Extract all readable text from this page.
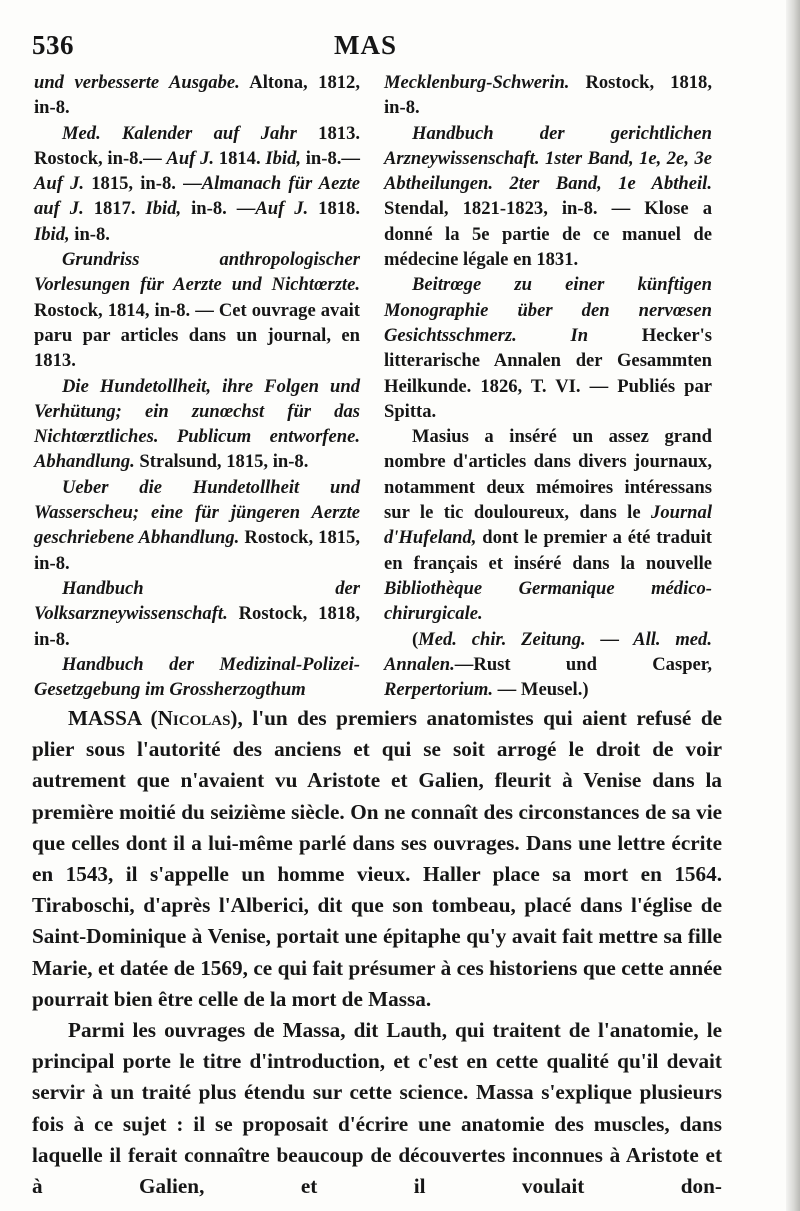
536	MAS

und verbesserte Ausgabe. Altona, 1812, in-8.

Med. Kalender auf Jahr 1813. Rostock, in-8.— Auf J. 1814. Ibid, in-8.— Auf J. 1815, in-8. —Almanach für Aezte auf J. 1817. Ibid, in-8. —Auf J. 1818. Ibid, in-8.

Grundriss anthropologischer Vorlesungen für Aerzte und Nichtœrzte. Rostock, 1814, in-8. — Cet ouvrage avait paru par articles dans un journal, en 1813.

Die Hundetollheit, ihre Folgen und Verhütung; ein zunœchst für das Nichtœrztliches. Publicum entworfene. Abhandlung. Stralsund, 1815, in-8.

Ueber die Hundetollheit und Wasserscheu; eine für jüngeren Aerzte geschriebene Abhandlung. Rostock, 1815, in-8.

Handbuch der Volksarzneywissenschaft. Rostock, 1818, in-8.

Handbuch der Medizinal-Polizei-Gesetzgebung im Grossherzogthum

Mecklenburg-Schwerin. Rostock, 1818, in-8.

Handbuch der gerichtlichen Arzneywissenschaft. 1ster Band, 1e, 2e, 3e Abtheilungen. 2ter Band, 1e Abtheil. Stendal, 1821-1823, in-8. — Klose a donné la 5e partie de ce manuel de médecine légale en 1831.

Beitrœge zu einer künftigen Monographie über den nervœsen Gesichtsschmerz. In Hecker's litterarische Annalen der Gesammten Heilkunde. 1826, T. VI. — Publiés par Spitta.

Masius a inséré un assez grand nombre d'articles dans divers journaux, notamment deux mémoires intéressans sur le tic douloureux, dans le Journal d'Hufeland, dont le premier a été traduit en français et inséré dans la nouvelle Bibliothèque Germanique médico-chirurgicale.

(Med. chir. Zeitung. — All. med. Annalen.—Rust und Casper, Rerpertorium. — Meusel.)

MASSA (Nicolas), l'un des premiers anatomistes qui aient refusé de plier sous l'autorité des anciens et qui se soit arrogé le droit de voir autrement que n'avaient vu Aristote et Galien, fleurit à Venise dans la première moitié du seizième siècle. On ne connaît des circonstances de sa vie que celles dont il a lui-même parlé dans ses ouvrages. Dans une lettre écrite en 1543, il s'appelle un homme vieux. Haller place sa mort en 1564. Tiraboschi, d'après l'Alberici, dit que son tombeau, placé dans l'église de Saint-Dominique à Venise, portait une épitaphe qu'y avait fait mettre sa fille Marie, et datée de 1569, ce qui fait présumer à ces historiens que cette année pourrait bien être celle de la mort de Massa.

Parmi les ouvrages de Massa, dit Lauth, qui traitent de l'anatomie, le principal porte le titre d'introduction, et c'est en cette qualité qu'il devait servir à un traité plus étendu sur cette science. Massa s'explique plusieurs fois à ce sujet : il se proposait d'écrire une anatomie des muscles, dans laquelle il ferait connaître beaucoup de découvertes inconnues à Aristote et à Galien, et il voulait don-
